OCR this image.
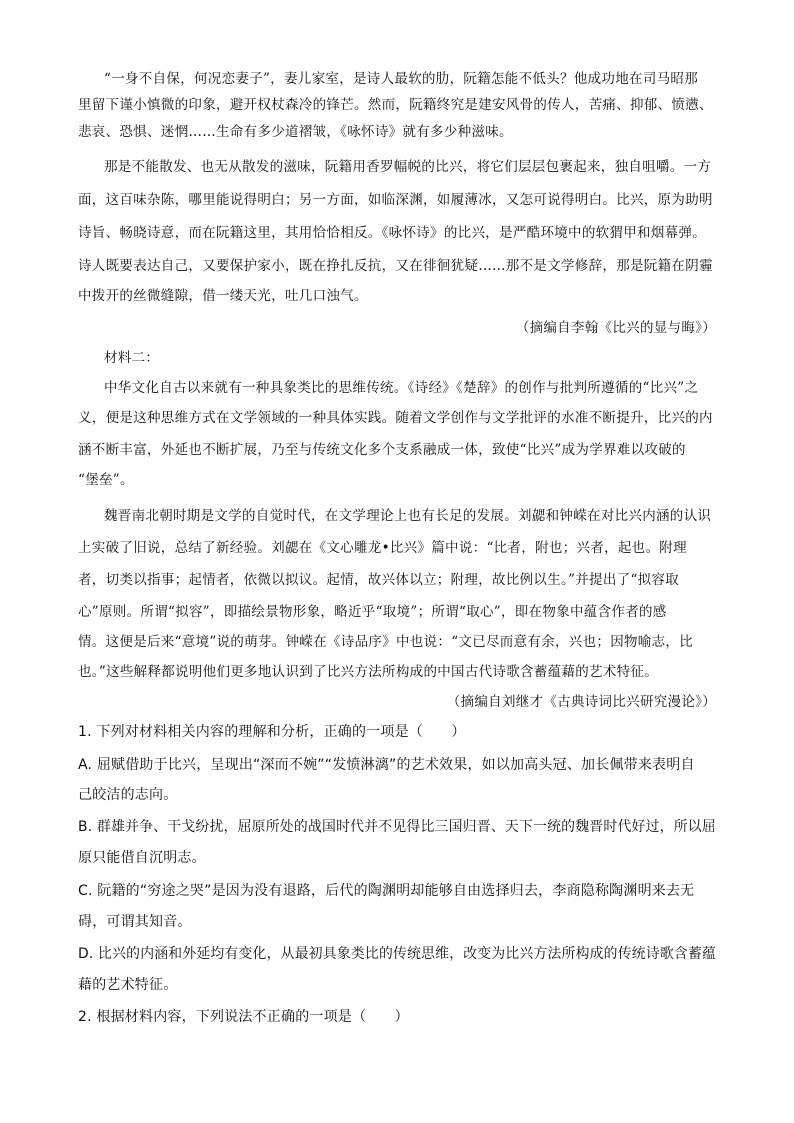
“一身不自保，何况恋妻子”，妻儿家室，是诗人最软的肋，阮籍怎能不低头？他成功地在司马昭那
里留下谨小慎微的印象，避开权杖森冷的锋芒。然而，阮籍终究是建安风骨的传人，苦痛、抑郁、愤懑、
悲哀、恐惧、迷惘……生命有多少道褶皱，《咏怀诗》就有多少种滋味。
那是不能散发、也无从散发的滋味，阮籍用香罗幅帨的比兴，将它们层层包裹起来，独自咀嚼。一方
面，这百味杂陈，哪里能说得明白；另一方面，如临深渊，如履薄冰，又怎可说得明白。比兴，原为助明
诗旨、畅晓诗意，而在阮籍这里，其用恰恰相反。《咏怀诗》的比兴，是严酷环境中的软猬甲和烟幕弹。
诗人既要表达自己，又要保护家小，既在挣扎反抗，又在徘徊犹疑……那不是文学修辞，那是阮籍在阴霾
中拨开的丝微缝隙，借一缕天光，吐几口浊气。
（摘编自李翰《比兴的显与晦》）
材料二：
中华文化自古以来就有一种具象类比的思维传统。《诗经》《楚辞》的创作与批判所遵循的“比兴”之
义，便是这种思维方式在文学领域的一种具体实践。随着文学创作与文学批评的水准不断提升，比兴的内
涵不断丰富，外延也不断扩展，乃至与传统文化多个支系融成一体，致使“比兴”成为学界难以攻破的
“堡垒”。
魏晋南北朝时期是文学的自觉时代，在文学理论上也有长足的发展。刘勰和钟嵘在对比兴内涵的认识
上实破了旧说，总结了新经验。刘勰在《文心雕龙•比兴》篇中说：“比者，附也；兴者，起也。附理
者，切类以指事；起情者，依微以拟议。起情，故兴体以立；附理，故比例以生。”并提出了“拟容取
心”原则。所谓“拟容”，即描绘景物形象，略近乎“取境”；所谓“取心”，即在物象中蕴含作者的感
情。这便是后来“意境”说的萌芽。钟嵘在《诗品序》中也说：“文已尽而意有余，兴也；因物喻志，比
也。”这些解释都说明他们更多地认识到了比兴方法所构成的中国古代诗歌含蓄蕴藉的艺术特征。
（摘编自刘继才《古典诗词比兴研究漫论》）
1. 下列对材料相关内容的理解和分析，正确的一项是（　　）
A. 屈赋借助于比兴，呈现出“深而不婉”“发愤淋漓”的艺术效果，如以加高头冠、加长佩带来表明自
己皎洁的志向。
B. 群雄并争、干戈纷扰，屈原所处的战国时代并不见得比三国归晋、天下一统的魏晋时代好过，所以屈
原只能借自沉明志。
C. 阮籍的“穷途之哭”是因为没有退路，后代的陶渊明却能够自由选择归去，李商隐称陶渊明来去无
碍，可谓其知音。
D. 比兴的内涵和外延均有变化，从最初具象类比的传统思维，改变为比兴方法所构成的传统诗歌含蓄蕴
藉的艺术特征。
2. 根据材料内容，下列说法不正确的一项是（　　）
